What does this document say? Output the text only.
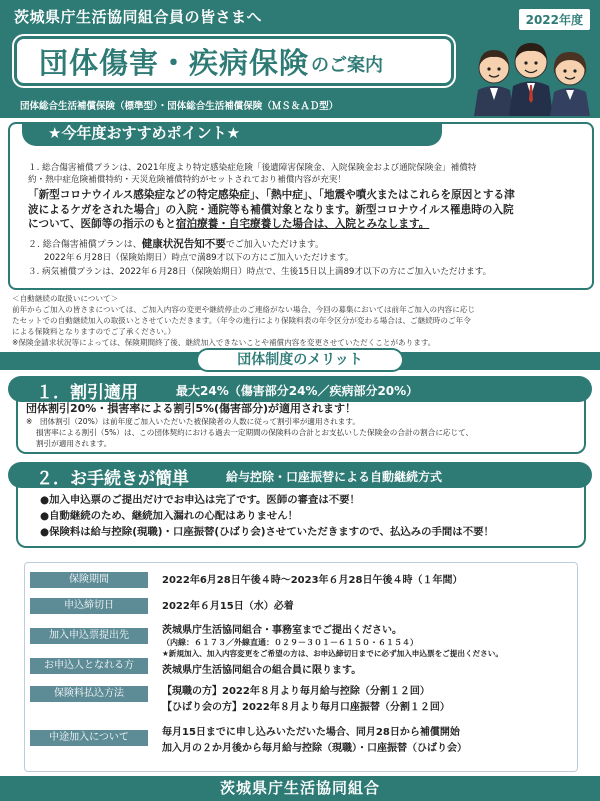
茨城県庁生活協同組合員の皆さまへ	2022年度
団体傷害・疾病保険 のご案内
団体総合生活補償保険（標準型）・団体総合生活補償保険（ＭＳ＆ＡＤ型）
★今年度おすすめポイント★
１. 総合傷害補償プランは、2021年度より特定感染症危険「後遺障害保険金、入院保険金および通院保険金」補償特
約・熱中症危険補償特約・天災危険補償特約がセットされており補償内容が充実！
「新型コロナウイルス感染症などの特定感染症」、「熱中症」、「地震や噴火またはこれらを原因とする津
波によるケガをされた場合」の入院・通院等も補償対象となります。新型コロナウイルス罹患時の入院
について、医師等の指示のもと宿泊療養・自宅療養した場合は、入院とみなします。
２. 総合傷害補償プランは、健康状況告知不要でご加入いただけます。
2022年６月28日（保険始期日）時点で満89才以下の方にご加入いただけます。
３. 病気補償プランは、2022年６月28日（保険始期日）時点で、生後15日以上満89才以下の方にご加入いただけます。
＜自動継続の取扱いについて＞
前年からご加入の皆さまについては、ご加入内容の変更や継続停止のご連絡がない場合、今回の募集においては前年ご加入の内容に応じ
たセットでの自動継続加入の取扱いとさせていただきます。（年令の進行により保険料表の年令区分が変わる場合は、ご継続時のご年令
による保険料となりますのでご了承ください。）
※保険金請求状況等によっては、保険期間終了後、継続加入できないことや補償内容を変更させていただくことがあります。
団体制度のメリット
団体割引20%・損害率による割引5%(傷害部分)が適用されます！
※　団体割引（20%）は前年度ご加入いただいた被保険者の人数に従って割引率が適用されます。
損害率による割引（5%）は、この団体契約における過去一定期間の保険料の合計とお支払いした保険金の合計の割合に応じて、
割引が適用されます。
１．割引適用	最大24%（傷害部分24%／疾病部分20%）
●加入申込票のご提出だけでお申込は完了です。医師の審査は不要！
●自動継続のため、継続加入漏れの心配はありません！
●保険料は給与控除(現職)・口座振替(ひばり会)させていただきますので、払込みの手間は不要！
２．お手続きが簡単	給与控除・口座振替による自動継続方式
保険期間	2022年6月28日午後４時～2023年６月28日午後４時（１年間）
申込締切日	2022年６月15日（水）必着
加入申込票提出先	茨城県庁生活協同組合・事務室までご提出ください。
（内線：６１７３／外線直通：０２９－３０１－６１５０・６１５４）
★新規加入、加入内容変更をご希望の方は、お申込締切日までに必ず加入申込票をご提出ください。
お申込人となれる方	茨城県庁生活協同組合の組合員に限ります。
保険料払込方法	【現職の方】2022年８月より毎月給与控除（分割１２回）
【ひばり会の方】2022年８月より毎月口座振替（分割１２回）
中途加入について	毎月15日までに申し込みいただいた場合、同月28日から補償開始
加入月の２か月後から毎月給与控除（現職）・口座振替（ひばり会）
茨城県庁生活協同組合
